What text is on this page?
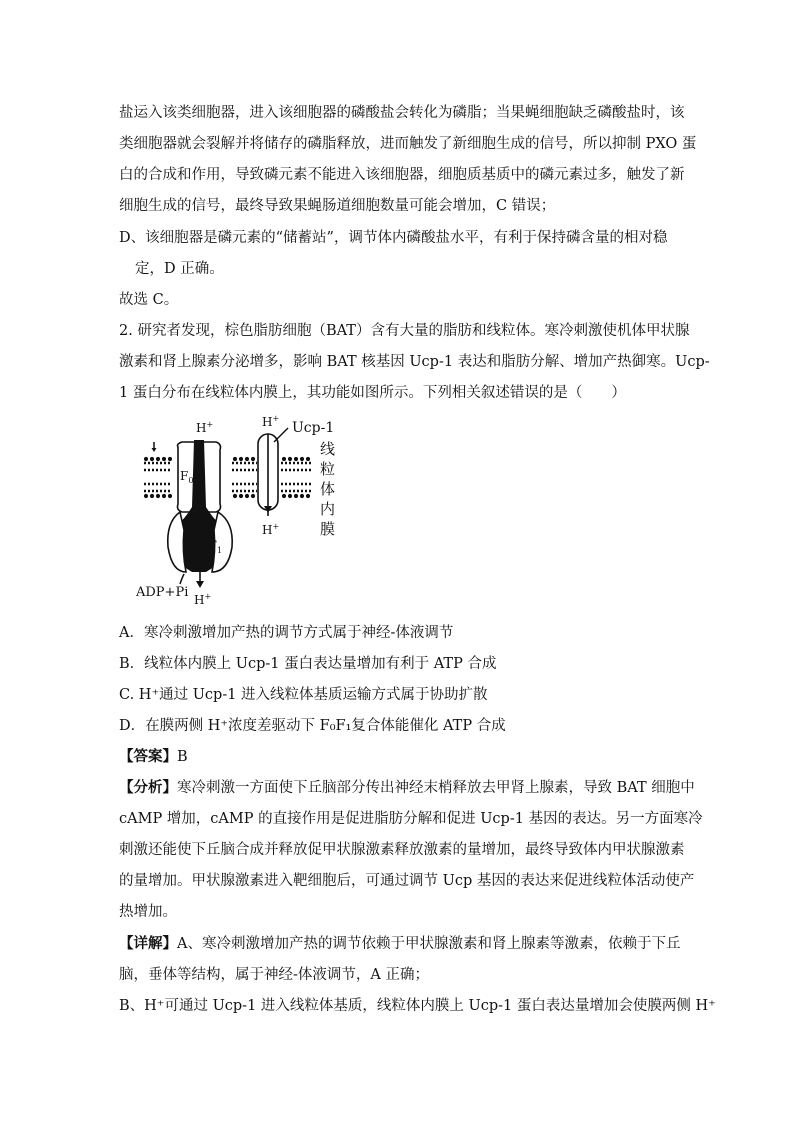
盐运入该类细胞器，进入该细胞器的磷酸盐会转化为磷脂；当果蝇细胞缺乏磷酸盐时，该
类细胞器就会裂解并将储存的磷脂释放，进而触发了新细胞生成的信号，所以抑制 PXO 蛋
白的合成和作用，导致磷元素不能进入该细胞器，细胞质基质中的磷元素过多，触发了新
细胞生成的信号，最终导致果蝇肠道细胞数量可能会增加，C 错误；
D、该细胞器是磷元素的“储蓄站”，调节体内磷酸盐水平，有利于保持磷含量的相对稳
定，D 正确。
故选 C。
2. 研究者发现，棕色脂肪细胞（BAT）含有大量的脂肪和线粒体。寒冷刺激使机体甲状腺
激素和肾上腺素分泌增多，影响 BAT 核基因 Ucp-1 表达和脂肪分解、增加产热御寒。Ucp-
1 蛋白分布在线粒体内膜上，其功能如图所示。下列相关叙述错误的是（　　）
H+	H+
Ucp-1
$F_0$
$F_1$
H+
ADP+Pi H+
线
粒
体
内
膜
A．寒冷刺激增加产热的调节方式属于神经-体液调节
B．线粒体内膜上 Ucp-1 蛋白表达量增加有利于 ATP 合成
C. H⁺通过 Ucp-1 进入线粒体基质运输方式属于协助扩散
D．在膜两侧 H⁺浓度差驱动下 F₀F₁复合体能催化 ATP 合成
【答案】B
【分析】寒冷刺激一方面使下丘脑部分传出神经末梢释放去甲肾上腺素，导致 BAT 细胞中
cAMP 增加，cAMP 的直接作用是促进脂肪分解和促进 Ucp-1 基因的表达。另一方面寒冷
刺激还能使下丘脑合成并释放促甲状腺激素释放激素的量增加，最终导致体内甲状腺激素
的量增加。甲状腺激素进入靶细胞后，可通过调节 Ucp 基因的表达来促进线粒体活动使产
热增加。
【详解】A、寒冷刺激增加产热的调节依赖于甲状腺激素和肾上腺素等激素，依赖于下丘
脑，垂体等结构，属于神经-体液调节，A 正确；
B、H⁺可通过 Ucp-1 进入线粒体基质，线粒体内膜上 Ucp-1 蛋白表达量增加会使膜两侧 H⁺
